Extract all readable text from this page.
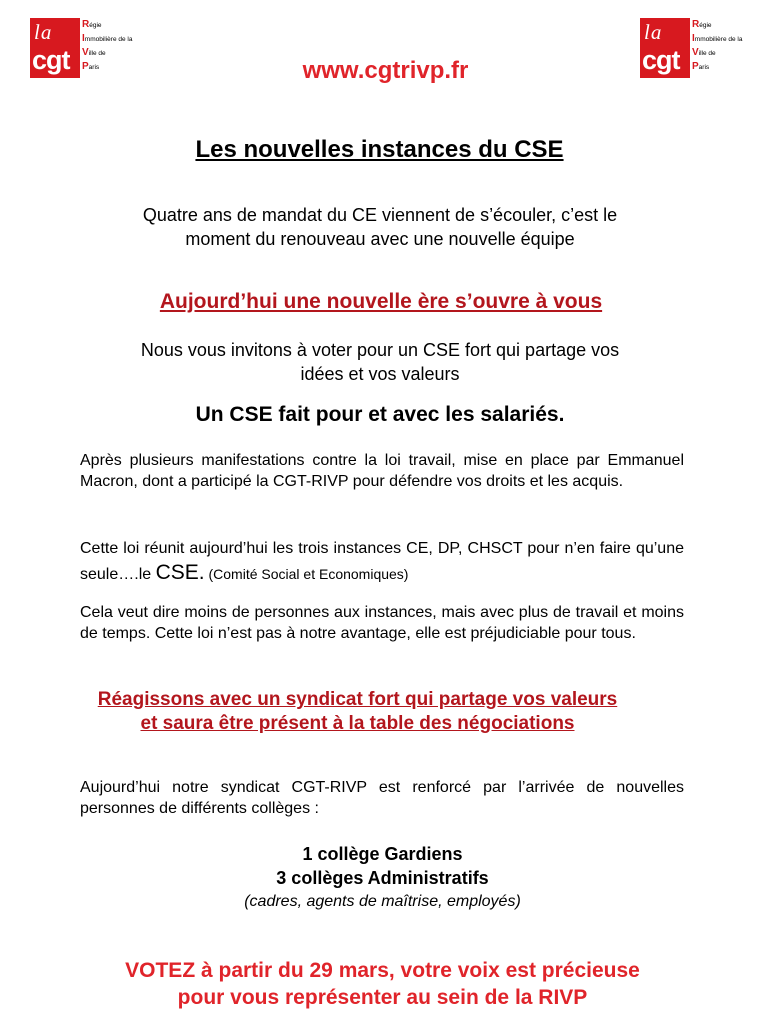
la
cgt
Régie
Immobilière de la
Ville de
Paris
la
cgt
Régie
Immobilière de la
Ville de
Paris
www.cgtrivp.fr
Les nouvelles instances du CSE
Quatre ans de mandat du CE viennent de s’écouler, c’est le
moment du renouveau avec une nouvelle équipe
Aujourd’hui une nouvelle ère s’ouvre à vous
Nous vous invitons à voter pour un CSE fort qui partage vos
idées et vos valeurs
Un CSE fait pour et avec les salariés.
Après plusieurs manifestations contre la loi travail, mise en place par Emmanuel Macron, dont a participé la CGT-RIVP pour défendre vos droits et les acquis.
Cette loi réunit aujourd’hui les trois instances CE, DP, CHSCT pour n’en faire qu’une seule….le CSE. (Comité Social et Economiques)
Cela veut dire moins de personnes aux instances, mais avec plus de travail et moins de temps. Cette loi n’est pas à notre avantage, elle est préjudiciable pour tous.
Réagissons avec un syndicat fort qui partage vos valeurs
et saura être présent à la table des négociations
Aujourd’hui notre syndicat CGT-RIVP est renforcé par l’arrivée de nouvelles personnes de différents collèges :
1 collège Gardiens
3 collèges Administratifs
(cadres, agents de maîtrise, employés)
VOTEZ à partir du 29 mars, votre voix est précieuse
pour vous représenter au sein de la RIVP
